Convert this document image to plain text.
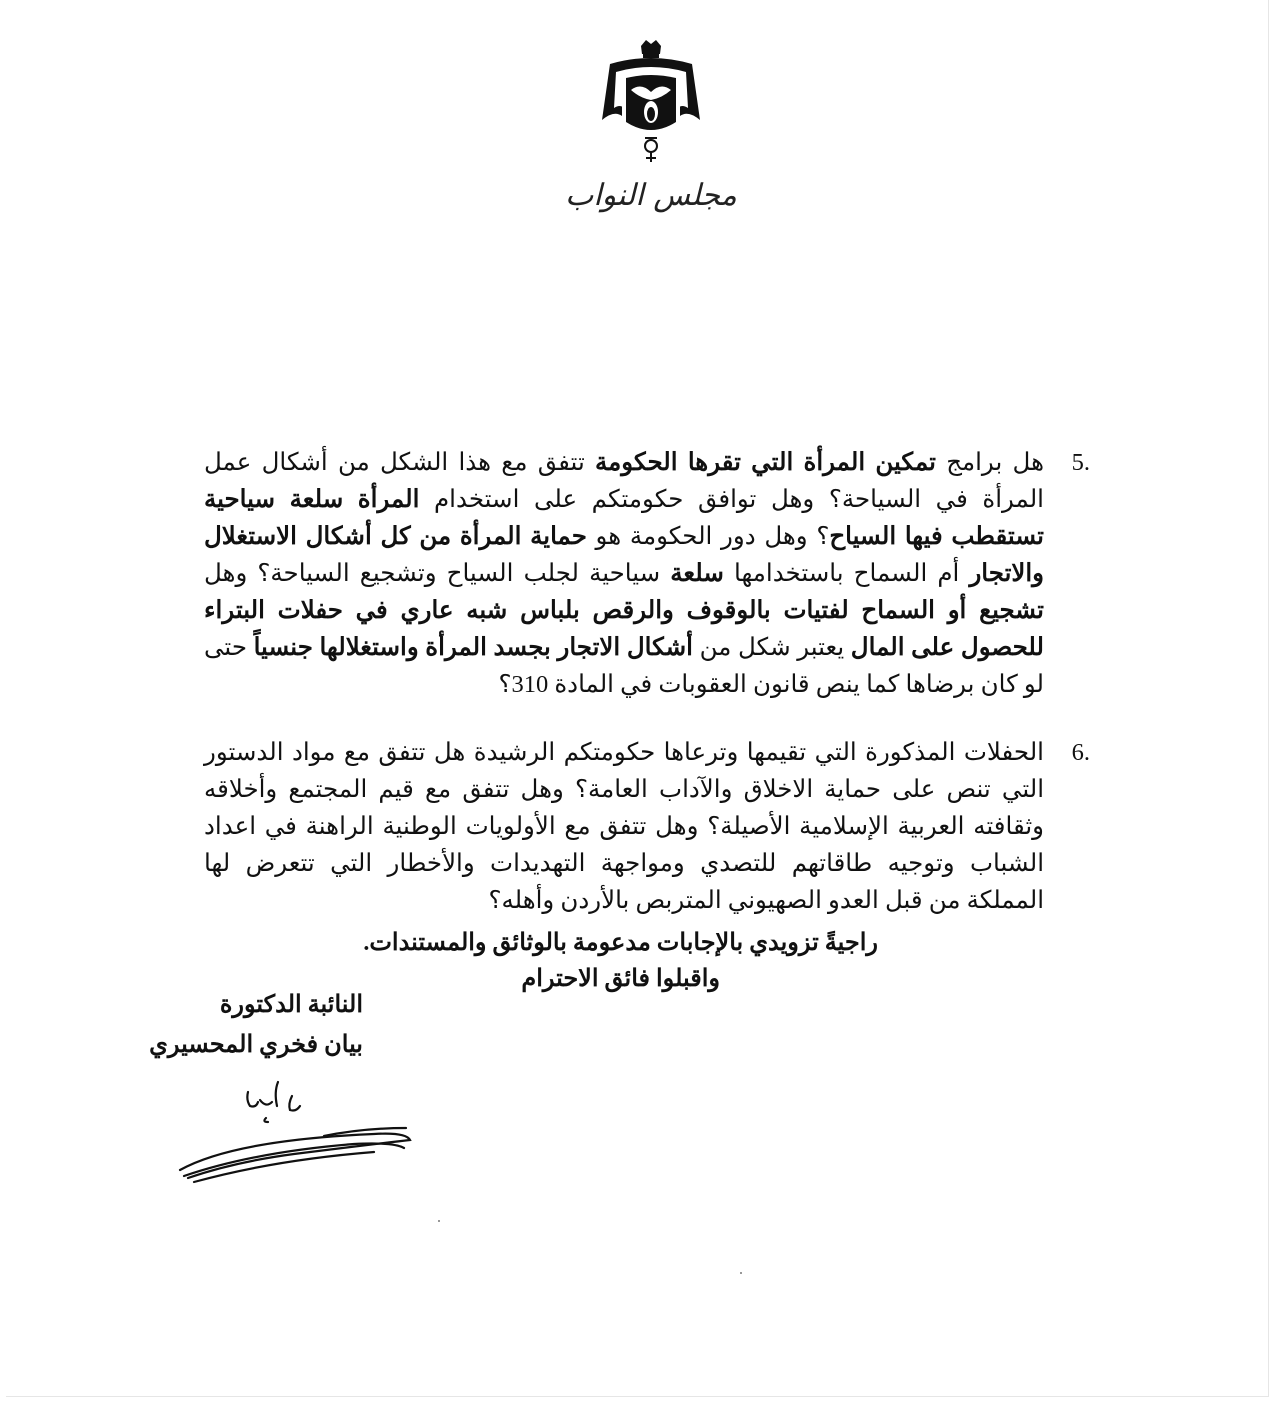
مجلس النواب
5.
هل برامج تمكين المرأة التي تقرها الحكومة تتفق مع هذا الشكل من أشكال عمل المرأة في السياحة؟ وهل توافق حكومتكم على استخدام المرأة سلعة سياحية تستقطب فيها السياح؟ وهل دور الحكومة هو حماية المرأة من كل أشكال الاستغلال والاتجار أم السماح باستخدامها سلعة سياحية لجلب السياح وتشجيع السياحة؟ وهل تشجيع أو السماح لفتيات بالوقوف والرقص بلباس شبه عاري في حفلات البتراء للحصول على المال يعتبر شكل من أشكال الاتجار بجسد المرأة واستغلالها جنسياً حتى لو كان برضاها كما ينص قانون العقوبات في المادة 310؟
6.
الحفلات المذكورة التي تقيمها وترعاها حكومتكم الرشيدة هل تتفق مع مواد الدستور التي تنص على حماية الاخلاق والآداب العامة؟ وهل تتفق مع قيم المجتمع وأخلاقه وثقافته العربية الإسلامية الأصيلة؟ وهل تتفق مع الأولويات الوطنية الراهنة في اعداد الشباب وتوجيه طاقاتهم للتصدي ومواجهة التهديدات والأخطار التي تتعرض لها المملكة من قبل العدو الصهيوني المتربص بالأردن وأهله؟
راجيةً تزويدي بالإجابات مدعومة بالوثائق والمستندات.
واقبلوا فائق الاحترام
النائبة الدكتورة
بيان فخري المحسيري
